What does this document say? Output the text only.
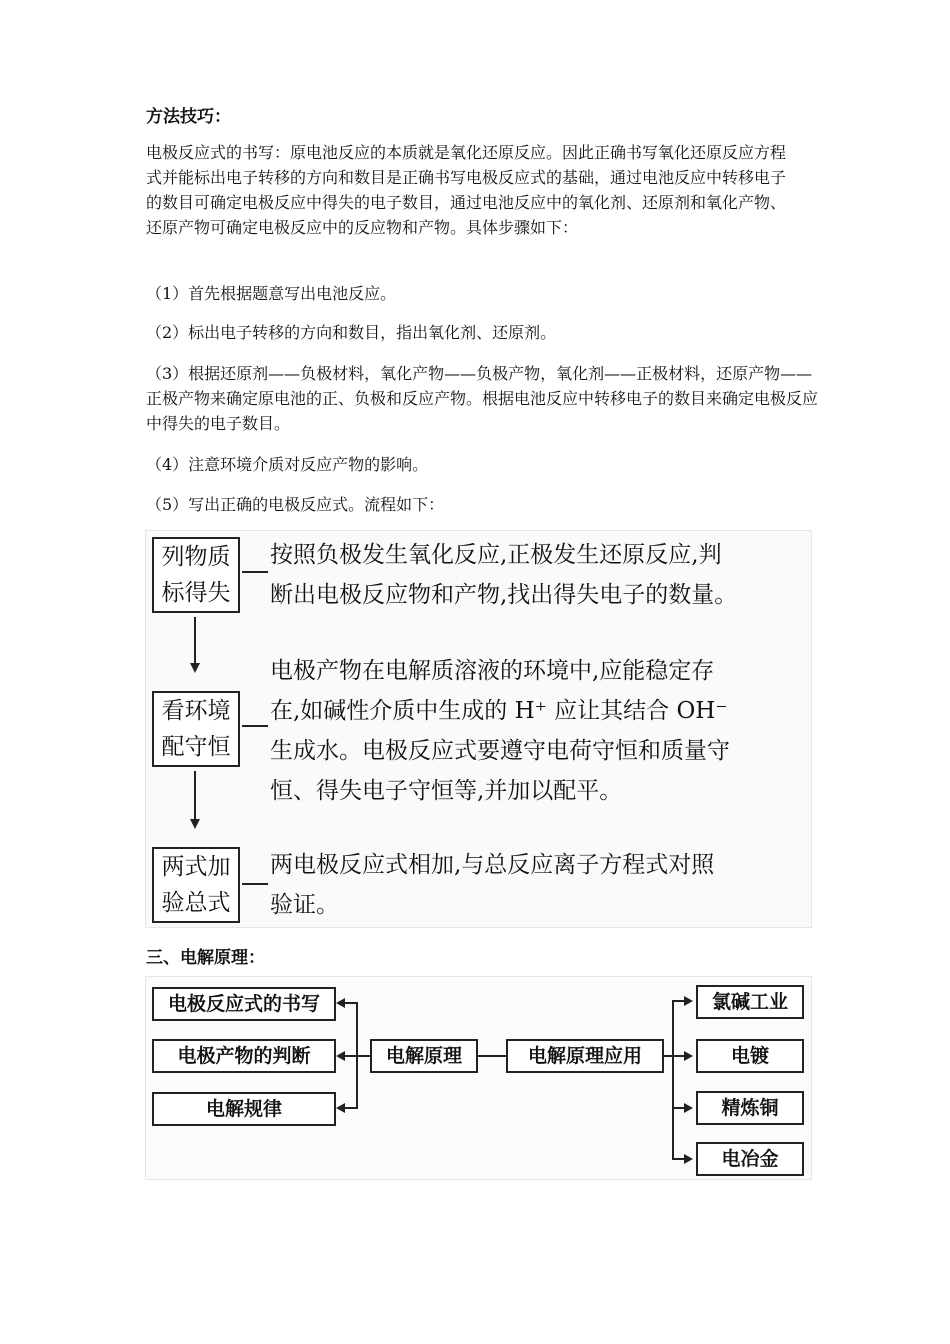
方法技巧：

电极反应式的书写：原电池反应的本质就是氧化还原反应。因此正确书写氧化还原反应方程式并能标出电子转移的方向和数目是正确书写电极反应式的基础，通过电池反应中转移电子的数目可确定电极反应中得失的电子数目，通过电池反应中的氧化剂、还原剂和氧化产物、还原产物可确定电极反应中的反应物和产物。具体步骤如下：

（1）首先根据题意写出电池反应。

（2）标出电子转移的方向和数目，指出氧化剂、还原剂。

（3）根据还原剂——负极材料，氧化产物——负极产物，氧化剂——正极材料，还原产物——正极产物来确定原电池的正、负极和反应产物。根据电池反应中转移电子的数目来确定电极反应中得失的电子数目。

（4）注意环境介质对反应产物的影响。

（5）写出正确的电极反应式。流程如下：

列物质
标得失
按照负极发生氧化反应,正极发生还原反应,判
断出电极反应物和产物,找出得失电子的数量。
看环境
配守恒
电极产物在电解质溶液的环境中,应能稳定存
在,如碱性介质中生成的 H⁺ 应让其结合 OH⁻
生成水。电极反应式要遵守电荷守恒和质量守
恒、得失电子守恒等,并加以配平。
两式加
验总式
两电极反应式相加,与总反应离子方程式对照
验证。
三、电解原理：
电极反应式的书写
电极产物的判断
电解规律
电解原理	电解原理应用
氯碱工业
电镀
精炼铜
电冶金
